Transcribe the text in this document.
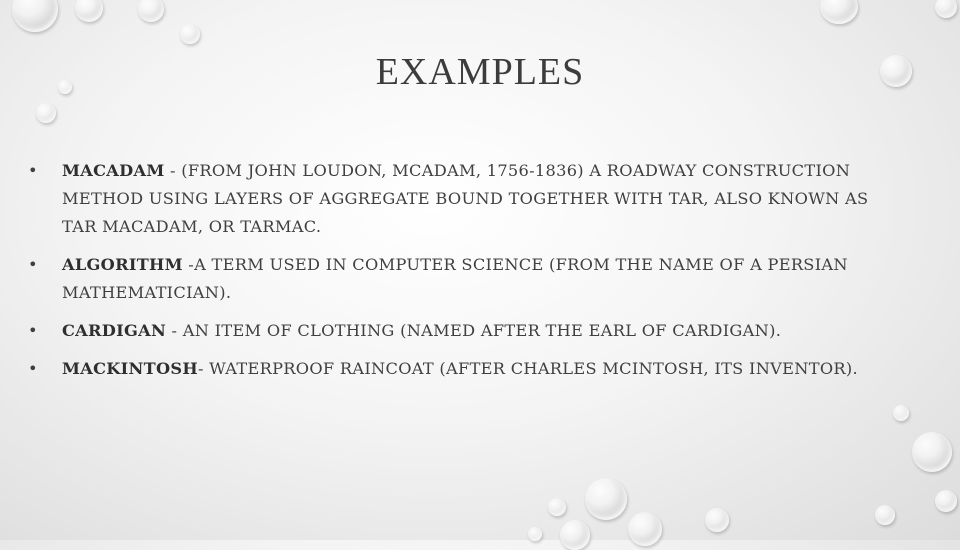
EXAMPLES
•	MACADAM - (FROM JOHN LOUDON, MCADAM, 1756-1836) A ROADWAY CONSTRUCTION METHOD USING LAYERS OF AGGREGATE BOUND TOGETHER WITH TAR, ALSO KNOWN AS TAR MACADAM, OR TARMAC.
•	ALGORITHM -A TERM USED IN COMPUTER SCIENCE (FROM THE NAME OF A PERSIAN MATHEMATICIAN).
•	CARDIGAN - AN ITEM OF CLOTHING (NAMED AFTER THE EARL OF CARDIGAN).
•	MACKINTOSH- WATERPROOF RAINCOAT (AFTER CHARLES MCINTOSH, ITS INVENTOR).
